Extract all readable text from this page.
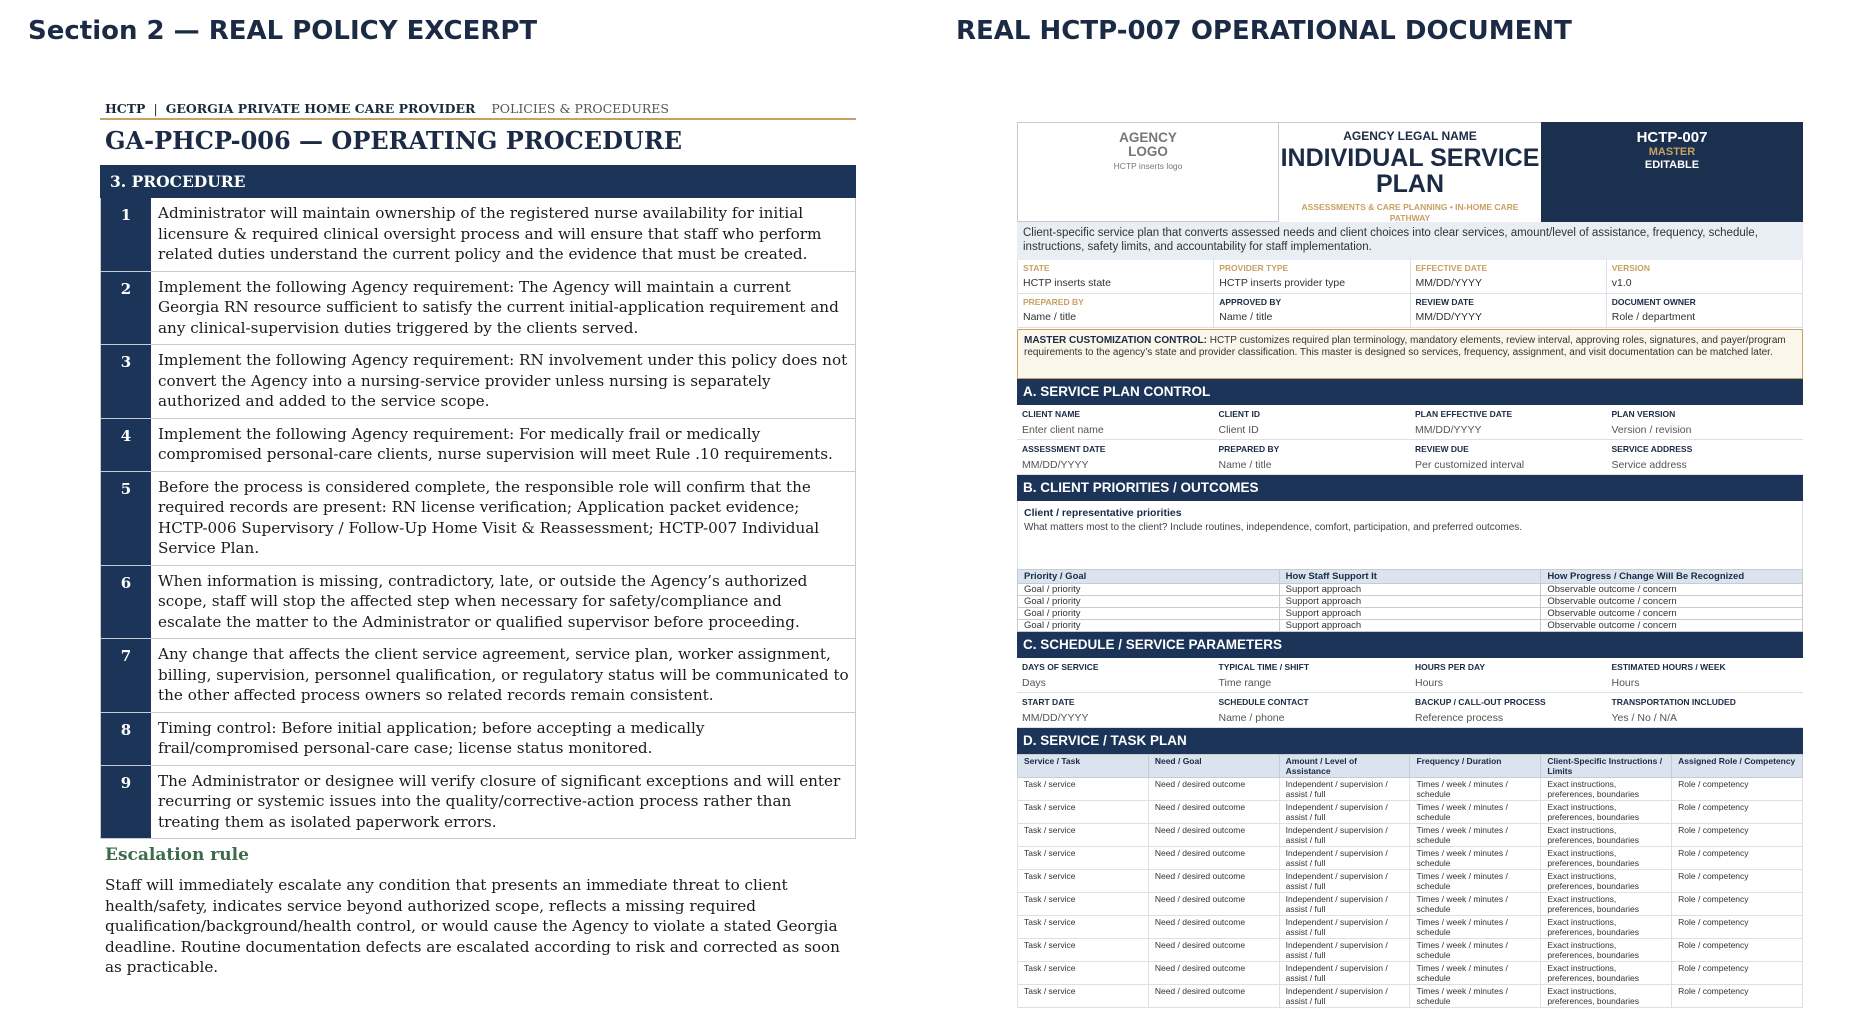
Section 2 — REAL POLICY EXCERPT	REAL HCTP-007 OPERATIONAL DOCUMENT
HCTP | GEORGIA PRIVATE HOME CARE PROVIDER POLICIES & PROCEDURES
GA-PHCP-006 — OPERATING PROCEDURE
3. PROCEDURE
1	Administrator will maintain ownership of the registered nurse availability for initial licensure & required clinical oversight process and will ensure that staff who perform related duties understand the current policy and the evidence that must be created.
2	Implement the following Agency requirement: The Agency will maintain a current Georgia RN resource sufficient to satisfy the current initial-application requirement and any clinical-supervision duties triggered by the clients served.
3	Implement the following Agency requirement: RN involvement under this policy does not convert the Agency into a nursing-service provider unless nursing is separately authorized and added to the service scope.
4	Implement the following Agency requirement: For medically frail or medically compromised personal-care clients, nurse supervision will meet Rule .10 requirements.
5	Before the process is considered complete, the responsible role will confirm that the required records are present: RN license verification; Application packet evidence; HCTP-006 Supervisory / Follow-Up Home Visit & Reassessment; HCTP-007 Individual Service Plan.
6	When information is missing, contradictory, late, or outside the Agency’s authorized scope, staff will stop the affected step when necessary for safety/compliance and escalate the matter to the Administrator or qualified supervisor before proceeding.
7	Any change that affects the client service agreement, service plan, worker assignment, billing, supervision, personnel qualification, or regulatory status will be communicated to the other affected process owners so related records remain consistent.
8	Timing control: Before initial application; before accepting a medically frail/compromised personal-care case; license status monitored.
9	The Administrator or designee will verify closure of significant exceptions and will enter recurring or systemic issues into the quality/corrective-action process rather than treating them as isolated paperwork errors.
Escalation rule
Staff will immediately escalate any condition that presents an immediate threat to client health/safety, indicates service beyond authorized scope, reflects a missing required qualification/background/health control, or would cause the Agency to violate a stated Georgia deadline. Routine documentation defects are escalated according to risk and corrected as soon as practicable.
AGENCY
LOGO
HCTP inserts logo
AGENCY LEGAL NAME
INDIVIDUAL SERVICE PLAN
ASSESSMENTS & CARE PLANNING • IN-HOME CARE PATHWAY
HCTP-007
MASTER
EDITABLE
Client-specific service plan that converts assessed needs and client choices into clear services, amount/level of assistance, frequency, schedule, instructions, safety limits, and accountability for staff implementation.
STATE
HCTP inserts state
PROVIDER TYPE
HCTP inserts provider type
EFFECTIVE DATE
MM/DD/YYYY
VERSION
v1.0
PREPARED BY
Name / title
APPROVED BY
Name / title
REVIEW DATE
MM/DD/YYYY
DOCUMENT OWNER
Role / department
MASTER CUSTOMIZATION CONTROL: HCTP customizes required plan terminology, mandatory elements, review interval, approving roles, signatures, and payer/program requirements to the agency’s state and provider classification. This master is designed so services, frequency, assignment, and visit documentation can be matched later.
A. SERVICE PLAN CONTROL
CLIENT NAME
Enter client name
CLIENT ID
Client ID
PLAN EFFECTIVE DATE
MM/DD/YYYY
PLAN VERSION
Version / revision
ASSESSMENT DATE
MM/DD/YYYY
PREPARED BY
Name / title
REVIEW DUE
Per customized interval
SERVICE ADDRESS
Service address
B. CLIENT PRIORITIES / OUTCOMES
Client / representative priorities
What matters most to the client? Include routines, independence, comfort, participation, and preferred outcomes.
Priority / Goal	How Staff Support It	How Progress / Change Will Be Recognized
Goal / priority	Support approach	Observable outcome / concern
Goal / priority	Support approach	Observable outcome / concern
Goal / priority	Support approach	Observable outcome / concern
Goal / priority	Support approach	Observable outcome / concern
C. SCHEDULE / SERVICE PARAMETERS
DAYS OF SERVICE
Days
TYPICAL TIME / SHIFT
Time range
HOURS PER DAY
Hours
ESTIMATED HOURS / WEEK
Hours
START DATE
MM/DD/YYYY
SCHEDULE CONTACT
Name / phone
BACKUP / CALL-OUT PROCESS
Reference process
TRANSPORTATION INCLUDED
Yes / No / N/A
D. SERVICE / TASK PLAN
Service / Task	Need / Goal	Amount / Level of Assistance	Frequency / Duration	Client-Specific Instructions / Limits	Assigned Role / Competency
Task / service	Need / desired outcome	Independent / supervision / assist / full	Times / week / minutes / schedule	Exact instructions, preferences, boundaries	Role / competency
Task / service	Need / desired outcome	Independent / supervision / assist / full	Times / week / minutes / schedule	Exact instructions, preferences, boundaries	Role / competency
Task / service	Need / desired outcome	Independent / supervision / assist / full	Times / week / minutes / schedule	Exact instructions, preferences, boundaries	Role / competency
Task / service	Need / desired outcome	Independent / supervision / assist / full	Times / week / minutes / schedule	Exact instructions, preferences, boundaries	Role / competency
Task / service	Need / desired outcome	Independent / supervision / assist / full	Times / week / minutes / schedule	Exact instructions, preferences, boundaries	Role / competency
Task / service	Need / desired outcome	Independent / supervision / assist / full	Times / week / minutes / schedule	Exact instructions, preferences, boundaries	Role / competency
Task / service	Need / desired outcome	Independent / supervision / assist / full	Times / week / minutes / schedule	Exact instructions, preferences, boundaries	Role / competency
Task / service	Need / desired outcome	Independent / supervision / assist / full	Times / week / minutes / schedule	Exact instructions, preferences, boundaries	Role / competency
Task / service	Need / desired outcome	Independent / supervision / assist / full	Times / week / minutes / schedule	Exact instructions, preferences, boundaries	Role / competency
Task / service	Need / desired outcome	Independent / supervision / assist / full	Times / week / minutes / schedule	Exact instructions, preferences, boundaries	Role / competency
